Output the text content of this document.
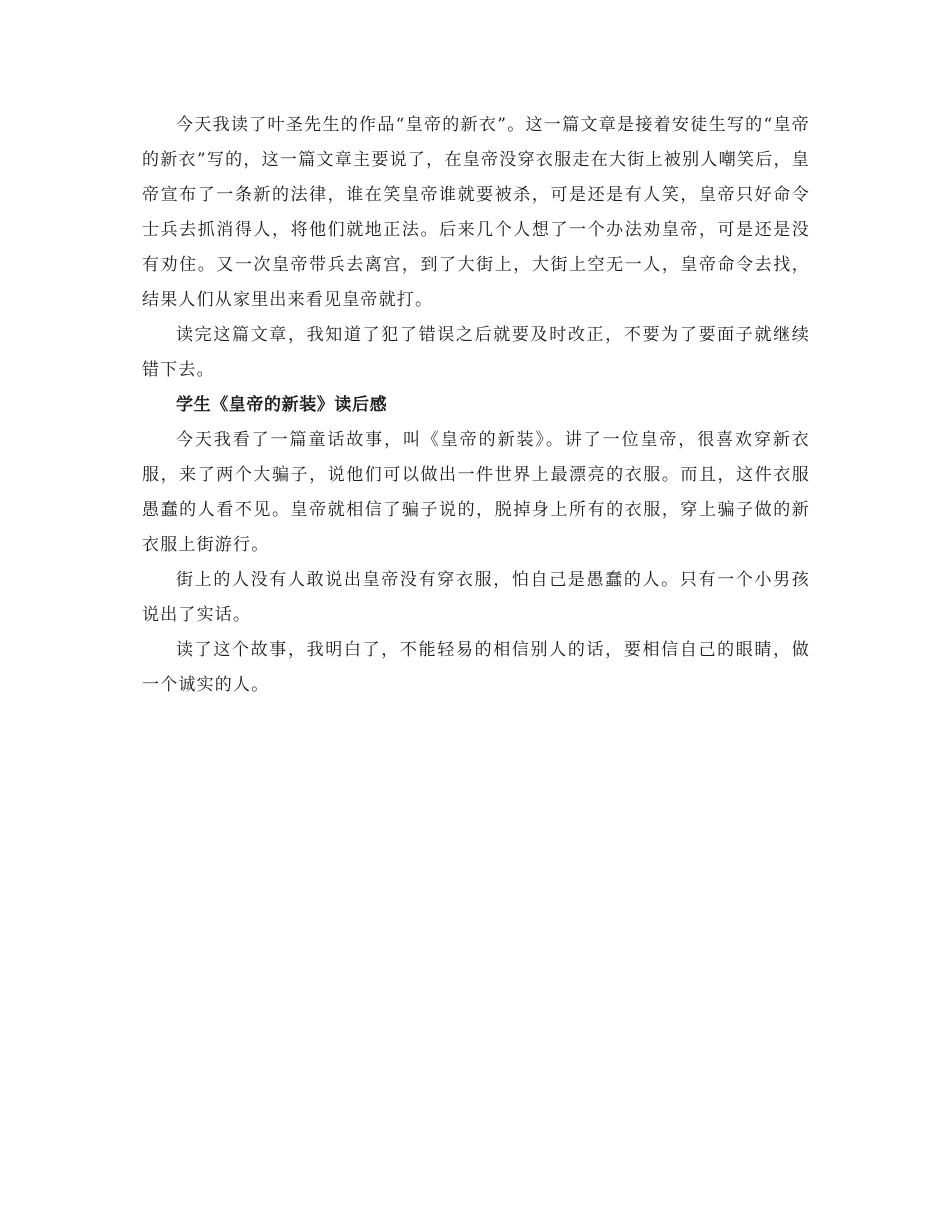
今天我读了叶圣先生的作品“皇帝的新衣”。这一篇文章是接着安徒生写的“皇帝的新衣”写的，这一篇文章主要说了，在皇帝没穿衣服走在大街上被别人嘲笑后，皇帝宣布了一条新的法律，谁在笑皇帝谁就要被杀，可是还是有人笑，皇帝只好命令士兵去抓消得人，将他们就地正法。后来几个人想了一个办法劝皇帝，可是还是没有劝住。又一次皇帝带兵去离宫，到了大街上，大街上空无一人，皇帝命令去找，结果人们从家里出来看见皇帝就打。

读完这篇文章，我知道了犯了错误之后就要及时改正，不要为了要面子就继续错下去。

学生《皇帝的新装》读后感

今天我看了一篇童话故事，叫《皇帝的新装》。讲了一位皇帝，很喜欢穿新衣服，来了两个大骗子，说他们可以做出一件世界上最漂亮的衣服。而且，这件衣服愚蠢的人看不见。皇帝就相信了骗子说的，脱掉身上所有的衣服，穿上骗子做的新衣服上街游行。

街上的人没有人敢说出皇帝没有穿衣服，怕自己是愚蠢的人。只有一个小男孩说出了实话。

读了这个故事，我明白了，不能轻易的相信别人的话，要相信自己的眼睛，做一个诚实的人。
